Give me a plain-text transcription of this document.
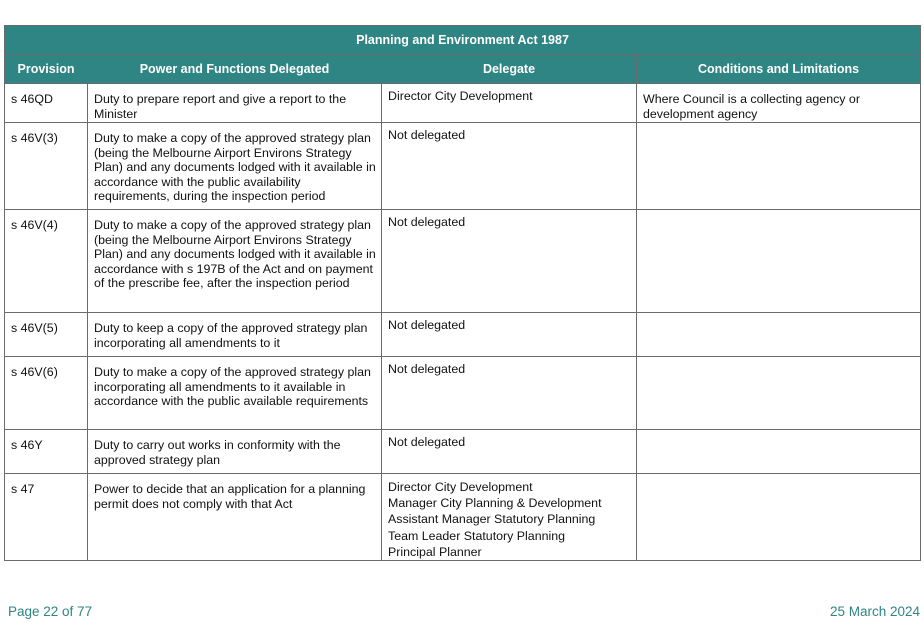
Planning and Environment Act 1987			
Provision	Power and Functions Delegated	Delegate	Conditions and Limitations
s 46QD	Duty to prepare report and give a report to the Minister	Director City Development	Where Council is a collecting agency or development agency
s 46V(3)	Duty to make a copy of the approved strategy plan (being the Melbourne Airport Environs Strategy Plan) and any documents lodged with it available in accordance with the public availability requirements, during the inspection period	Not delegated	

s 46V(4)	Duty to make a copy of the approved strategy plan (being the Melbourne Airport Environs Strategy Plan) and any documents lodged with it available in accordance with s 197B of the Act and on payment of the prescribe fee, after the inspection period	Not delegated	

s 46V(5)	Duty to keep a copy of the approved strategy plan incorporating all amendments to it	Not delegated	

s 46V(6)	Duty to make a copy of the approved strategy plan incorporating all amendments to it available in accordance with the public available requirements	Not delegated	

s 46Y	Duty to carry out works in conformity with the approved strategy plan	Not delegated	

s 47	Power to decide that an application for a planning permit does not comply with that Act	Director City Development
Manager City Planning & Development
Assistant Manager Statutory Planning
Team Leader Statutory Planning
Principal Planner	

Page 22 of 77	25 March 2024
